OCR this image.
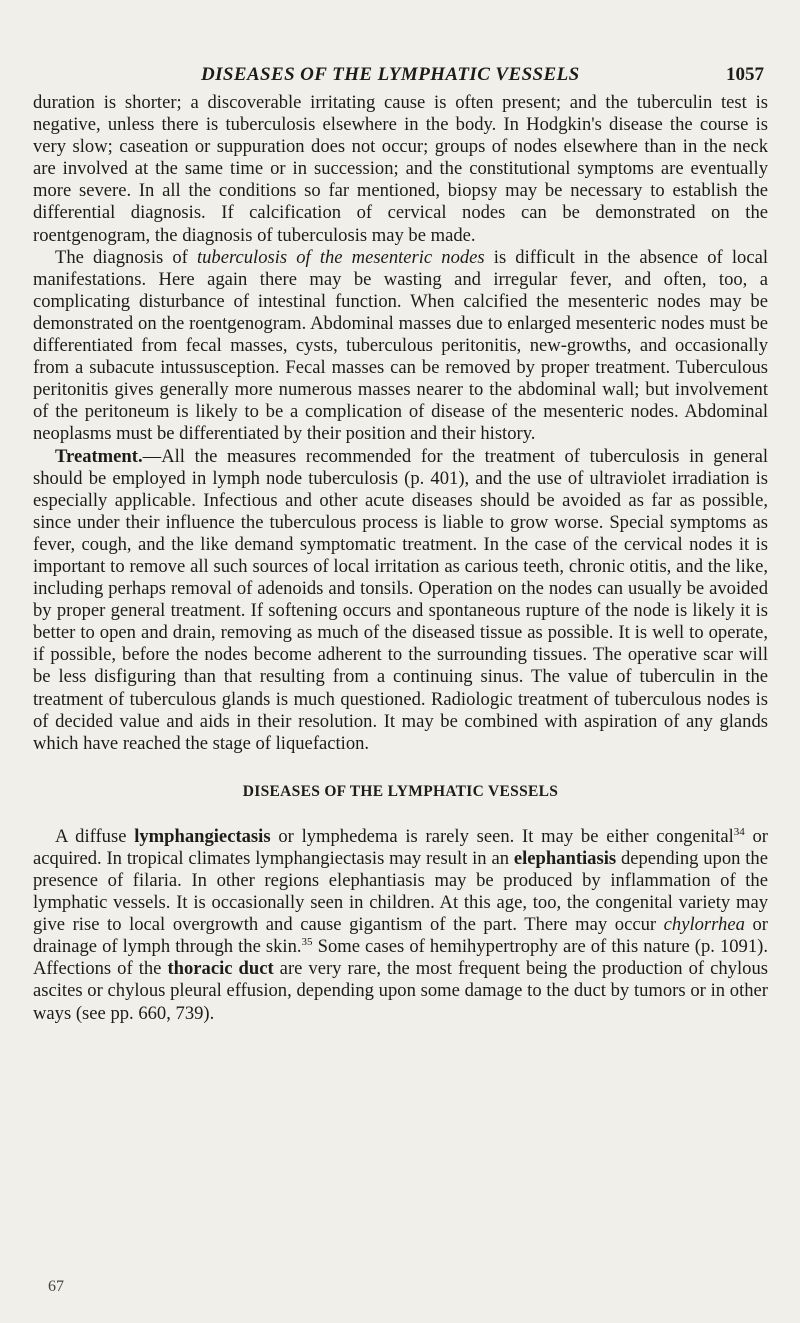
DISEASES OF THE LYMPHATIC VESSELS	1057

duration is shorter; a discoverable irritating cause is often present; and the tuberculin test is negative, unless there is tuberculosis elsewhere in the body. In Hodgkin's disease the course is very slow; caseation or suppuration does not occur; groups of nodes elsewhere than in the neck are involved at the same time or in succession; and the constitutional symptoms are eventually more severe. In all the conditions so far mentioned, biopsy may be necessary to establish the differential diagnosis. If calcification of cervical nodes can be demonstrated on the roentgenogram, the diagnosis of tuberculosis may be made.

The diagnosis of tuberculosis of the mesenteric nodes is difficult in the absence of local manifestations. Here again there may be wasting and irregular fever, and often, too, a complicating disturbance of intestinal function. When calcified the mesenteric nodes may be demonstrated on the roentgenogram. Abdominal masses due to enlarged mesenteric nodes must be differentiated from fecal masses, cysts, tuberculous peritonitis, new-growths, and occasionally from a subacute intussusception. Fecal masses can be removed by proper treatment. Tuberculous peritonitis gives generally more numerous masses nearer to the abdominal wall; but involvement of the peritoneum is likely to be a complication of disease of the mesenteric nodes. Abdominal neoplasms must be differentiated by their position and their history.

Treatment.—All the measures recommended for the treatment of tuberculosis in general should be employed in lymph node tuberculosis (p. 401), and the use of ultraviolet irradiation is especially applicable. Infectious and other acute diseases should be avoided as far as possible, since under their influence the tuberculous process is liable to grow worse. Special symptoms as fever, cough, and the like demand symptomatic treatment. In the case of the cervical nodes it is important to remove all such sources of local irritation as carious teeth, chronic otitis, and the like, including perhaps removal of adenoids and tonsils. Operation on the nodes can usually be avoided by proper general treatment. If softening occurs and spontaneous rupture of the node is likely it is better to open and drain, removing as much of the diseased tissue as possible. It is well to operate, if possible, before the nodes become adherent to the surrounding tissues. The operative scar will be less disfiguring than that resulting from a continuing sinus. The value of tuberculin in the treatment of tuberculous glands is much questioned. Radiologic treatment of tuberculous nodes is of decided value and aids in their resolution. It may be combined with aspiration of any glands which have reached the stage of liquefaction.

DISEASES OF THE LYMPHATIC VESSELS

A diffuse lymphangiectasis or lymphedema is rarely seen. It may be either congenital$^{34}$ or acquired. In tropical climates lymphangiectasis may result in an elephantiasis depending upon the presence of filaria. In other regions elephantiasis may be produced by inflammation of the lymphatic vessels. It is occasionally seen in children. At this age, too, the congenital variety may give rise to local overgrowth and cause gigantism of the part. There may occur chylorrhea or drainage of lymph through the skin.$^{35}$ Some cases of hemihypertrophy are of this nature (p. 1091). Affections of the thoracic duct are very rare, the most frequent being the production of chylous ascites or chylous pleural effusion, depending upon some damage to the duct by tumors or in other ways (see pp. 660, 739).

67
